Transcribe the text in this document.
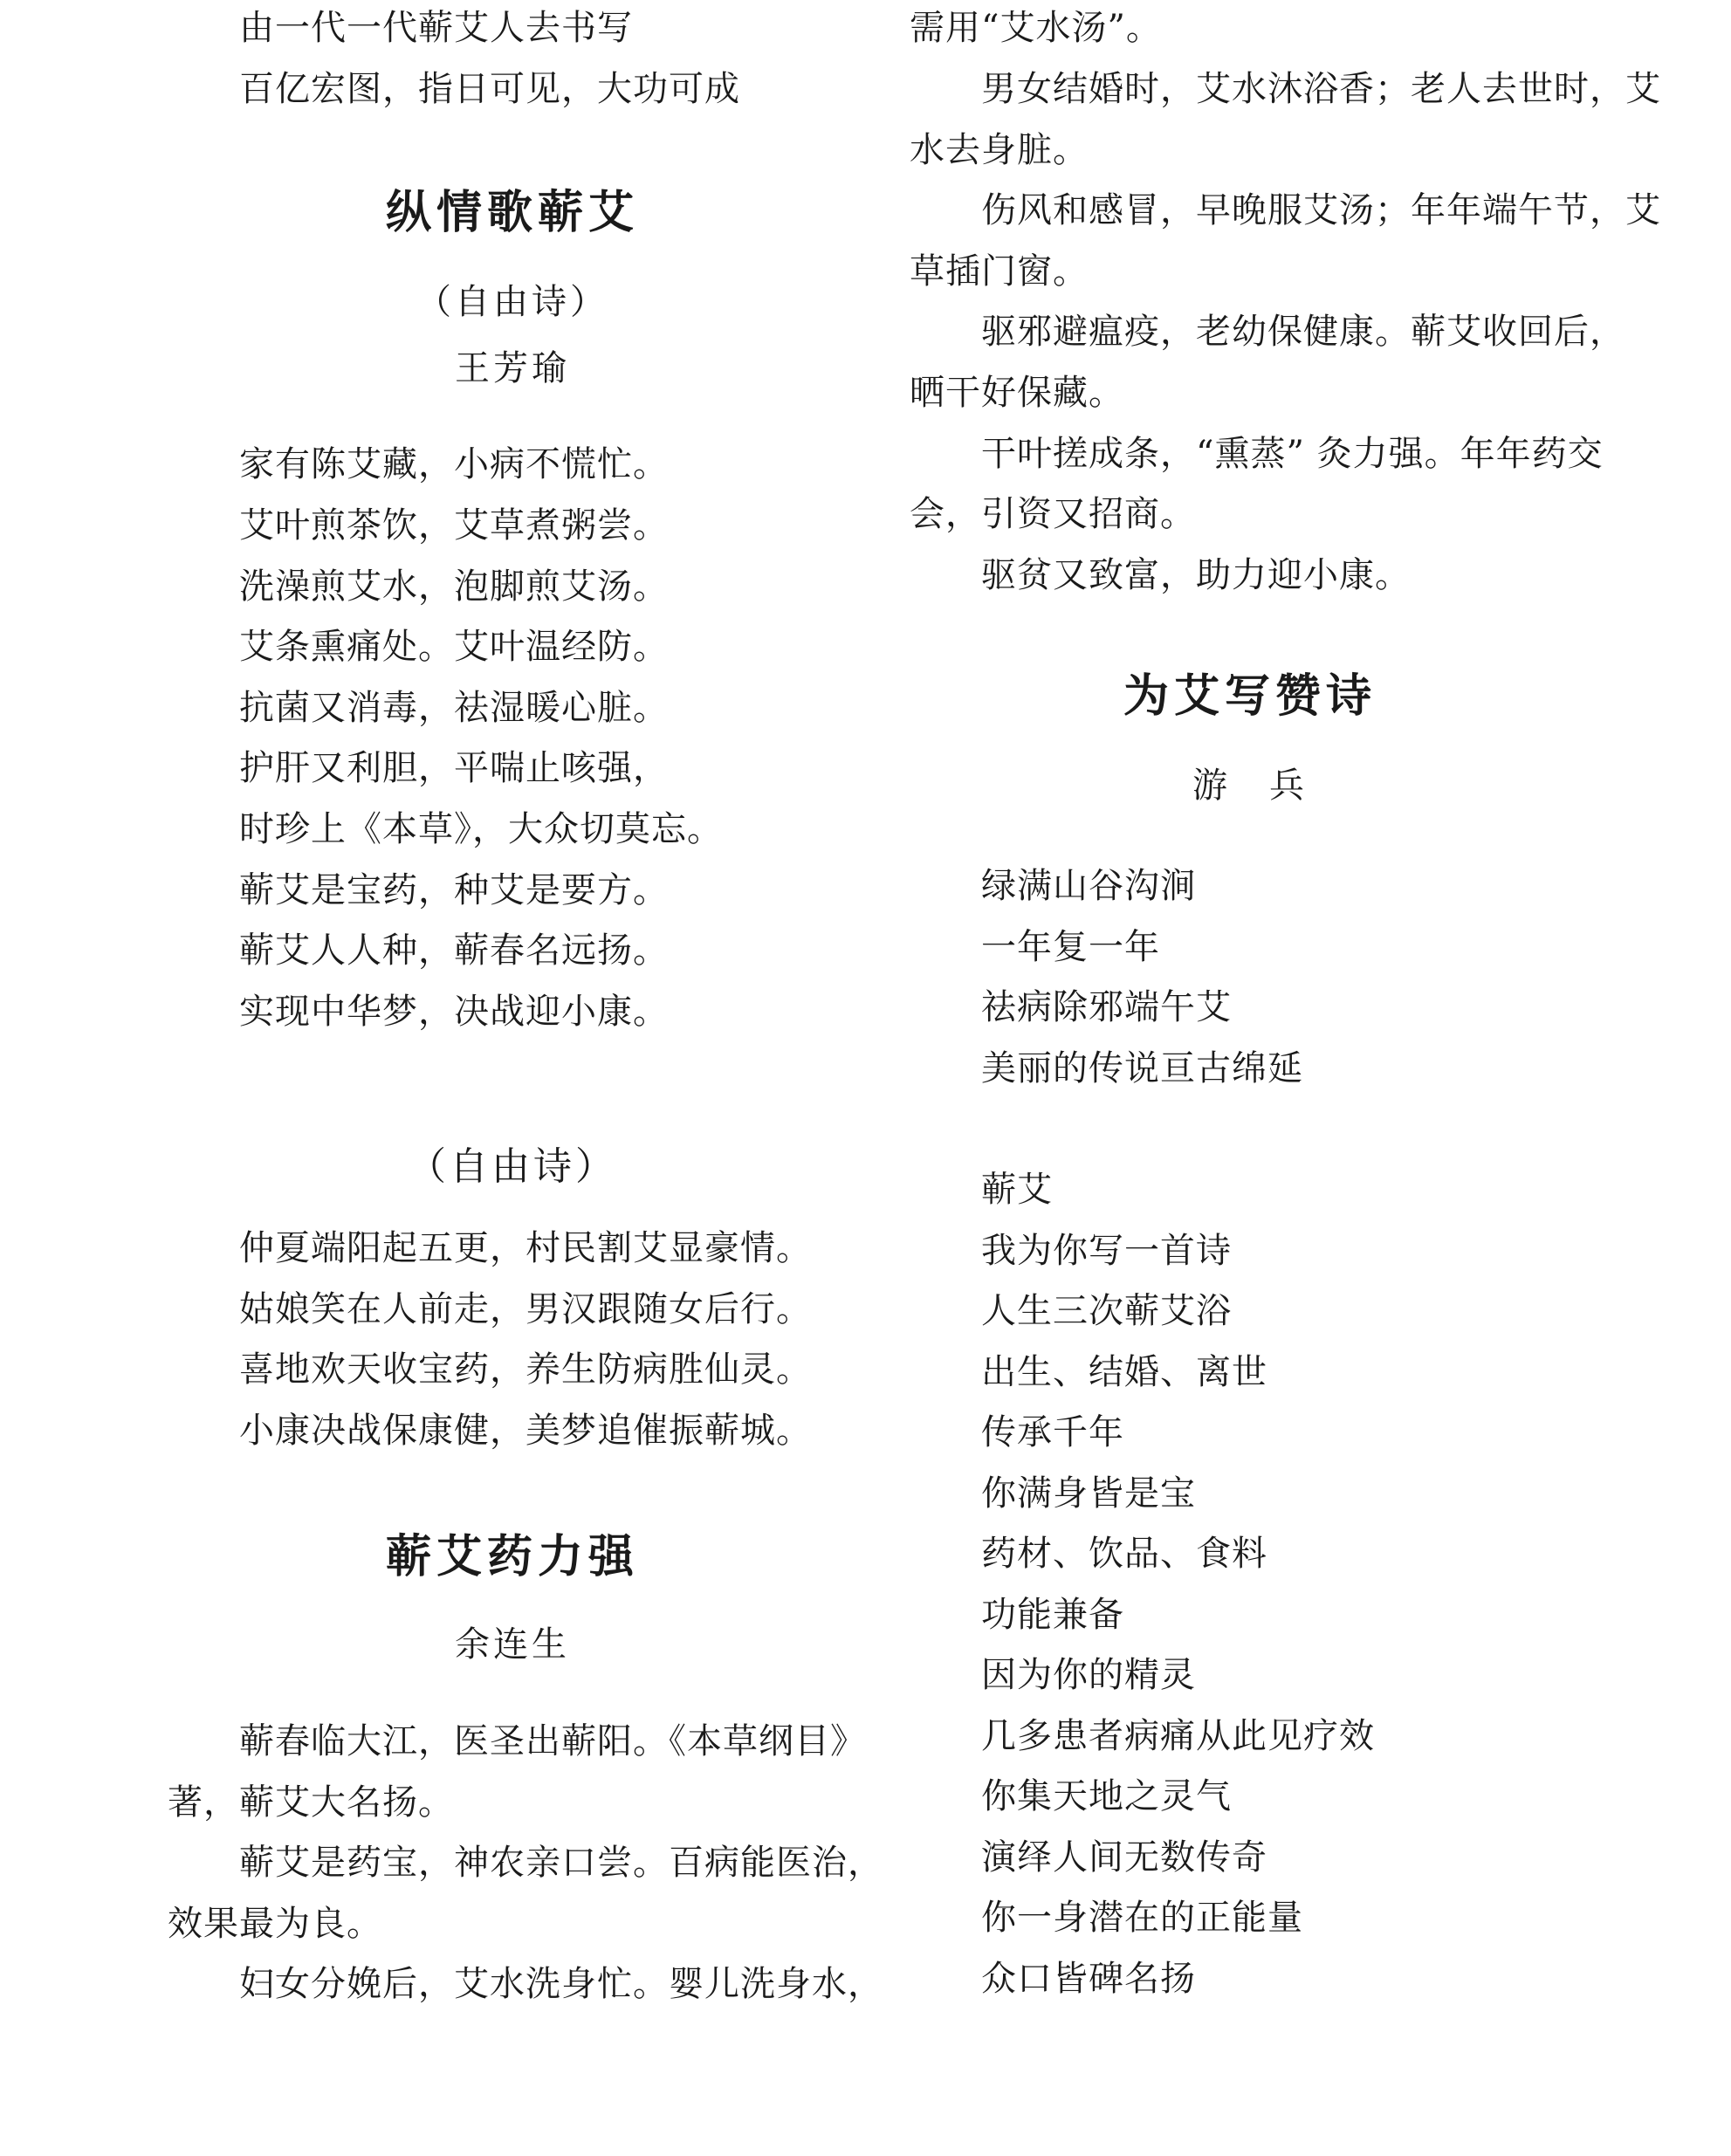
由一代一代蕲艾人去书写
百亿宏图，指日可见，大功可成
纵情歌蕲艾
（自由诗）
王芳瑜
家有陈艾藏，小病不慌忙。
艾叶煎茶饮，艾草煮粥尝。
洗澡煎艾水，泡脚煎艾汤。
艾条熏痛处。艾叶温经防。
抗菌又消毒，祛湿暖心脏。
护肝又利胆，平喘止咳强，
时珍上《本草》，大众切莫忘。
蕲艾是宝药，种艾是要方。
蕲艾人人种，蕲春名远扬。
实现中华梦，决战迎小康。
（自由诗）
仲夏端阳起五更，村民割艾显豪情。
姑娘笑在人前走，男汉跟随女后行。
喜地欢天收宝药，养生防病胜仙灵。
小康决战保康健，美梦追催振蕲城。
蕲艾药力强
余连生
蕲春临大江，医圣出蕲阳。《本草纲目》
著，蕲艾大名扬。
蕲艾是药宝，神农亲口尝。百病能医治，
效果最为良。
妇女分娩后，艾水洗身忙。婴儿洗身水，
需用“艾水汤”。
男女结婚时，艾水沐浴香；老人去世时，艾
水去身脏。
伤风和感冒，早晚服艾汤；年年端午节，艾
草插门窗。
驱邪避瘟疫，老幼保健康。蕲艾收回后，
晒干好保藏。
干叶搓成条，“熏蒸” 灸力强。年年药交
会，引资又招商。
驱贫又致富，助力迎小康。
为艾写赞诗
游　兵
绿满山谷沟涧
一年复一年
祛病除邪端午艾
美丽的传说亘古绵延
蕲艾
我为你写一首诗
人生三次蕲艾浴
出生、结婚、离世
传承千年
你满身皆是宝
药材、饮品、食料
功能兼备
因为你的精灵
几多患者病痛从此见疗效
你集天地之灵气
演绎人间无数传奇
你一身潜在的正能量
众口皆碑名扬
